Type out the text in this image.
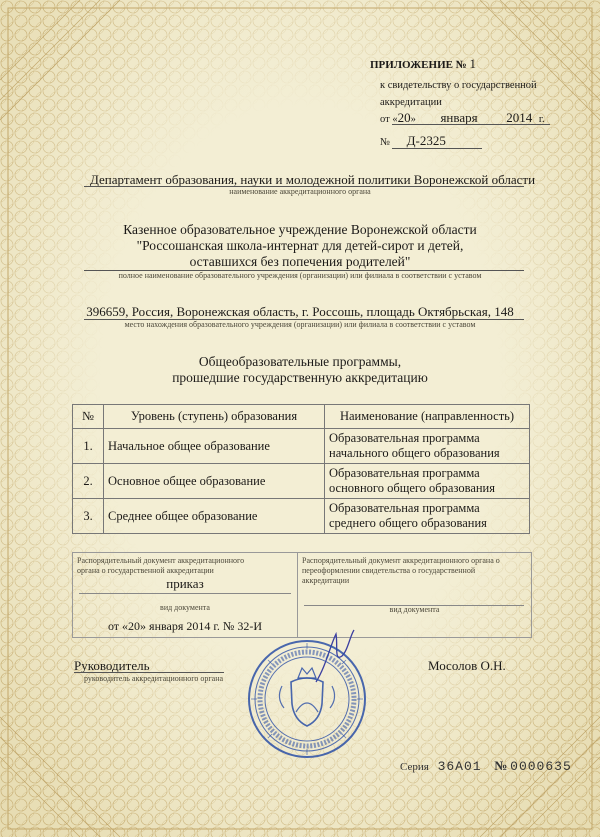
ПРИЛОЖЕНИЕ № 1
к свидетельству о государственной
аккредитации
от «20» января 2014 г.
№ Д-2325
Департамент образования, науки и молодежной политики Воронежской области
наименование аккредитационного органа
Казенное образовательное учреждение Воронежской области
"Россошанская школа-интернат для детей-сирот и детей,
оставшихся без попечения родителей"
полное наименование образовательного учреждения (организации) или филиала в соответствии с уставом
396659, Россия, Воронежская область, г. Россошь, площадь Октябрьская, 148
место нахождения образовательного учреждения (организации) или филиала в соответствии с уставом
Общеобразовательные программы,
прошедшие государственную аккредитацию
№	Уровень (ступень) образования	Наименование (направленность)
1.	Начальное общее образование	Образовательная программа начального общего образования
2.	Основное общее образование	Образовательная программа основного общего образования
3.	Среднее общее образование	Образовательная программа среднего общего образования
Распорядительный документ аккредитационного
органа о государственной аккредитации
приказ
вид документа
от «20» января 2014 г. № 32-И
Распорядительный документ аккредитационного органа о
переоформлении свидетельства о государственной
аккредитации
вид документа
Руководитель
руководитель аккредитационного органа
Мосолов О.Н.
Серия 36А01 № 0000635
